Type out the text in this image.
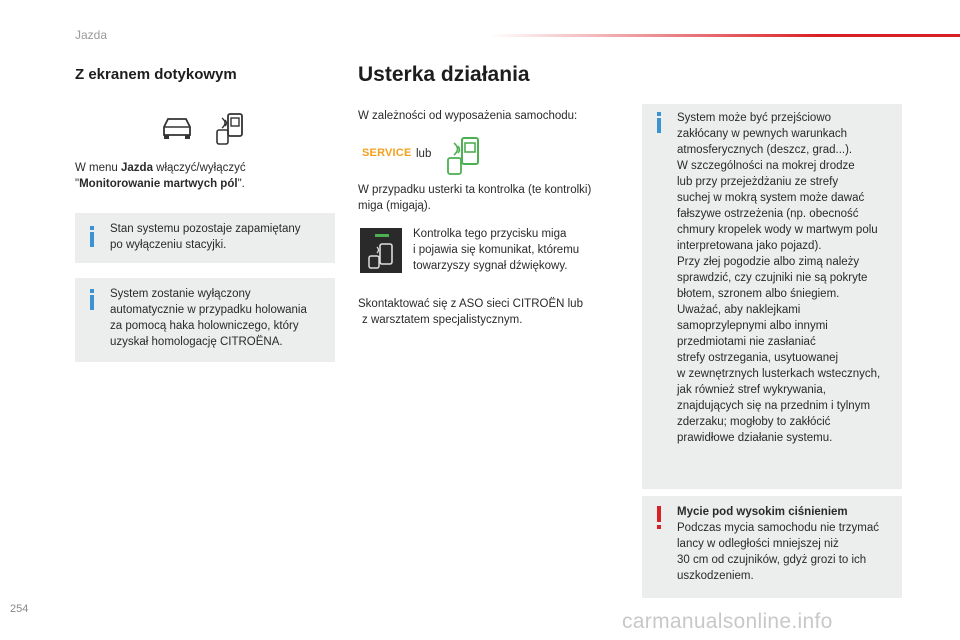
Jazda
Z ekranem dotykowym
W menu Jazda włączyć/wyłączyć
"Monitorowanie martwych pól".
Stan systemu pozostaje zapamiętany
po wyłączeniu stacyjki.
System zostanie wyłączony
automatycznie w przypadku holowania
za pomocą haka holowniczego, który
uzyskał homologację CITROËNA.
Usterka działania
W zależności od wyposażenia samochodu:
SERVICE lub
W przypadku usterki ta kontrolka (te kontrolki)
miga (migają).
Kontrolka tego przycisku miga
i pojawia się komunikat, któremu
towarzyszy sygnał dźwiękowy.
Skontaktować się z ASO sieci CITROËN lub
z warsztatem specjalistycznym.
System może być przejściowo
zakłócany w pewnych warunkach
atmosferycznych (deszcz, grad...).
W szczególności na mokrej drodze
lub przy przejeżdżaniu ze strefy
suchej w mokrą system może dawać
fałszywe ostrzeżenia (np. obecność
chmury kropelek wody w martwym polu
interpretowana jako pojazd).
Przy złej pogodzie albo zimą należy
sprawdzić, czy czujniki nie są pokryte
błotem, szronem albo śniegiem.
Uważać, aby naklejkami
samoprzylepnymi albo innymi
przedmiotami nie zasłaniać
strefy ostrzegania, usytuowanej
w zewnętrznych lusterkach wstecznych,
jak również stref wykrywania,
znajdujących się na przednim i tylnym
zderzaku; mogłoby to zakłócić
prawidłowe działanie systemu.
Mycie pod wysokim ciśnieniem
Podczas mycia samochodu nie trzymać
lancy w odległości mniejszej niż
30 cm od czujników, gdyż grozi to ich
uszkodzeniem.
254
carmanualsonline.info
